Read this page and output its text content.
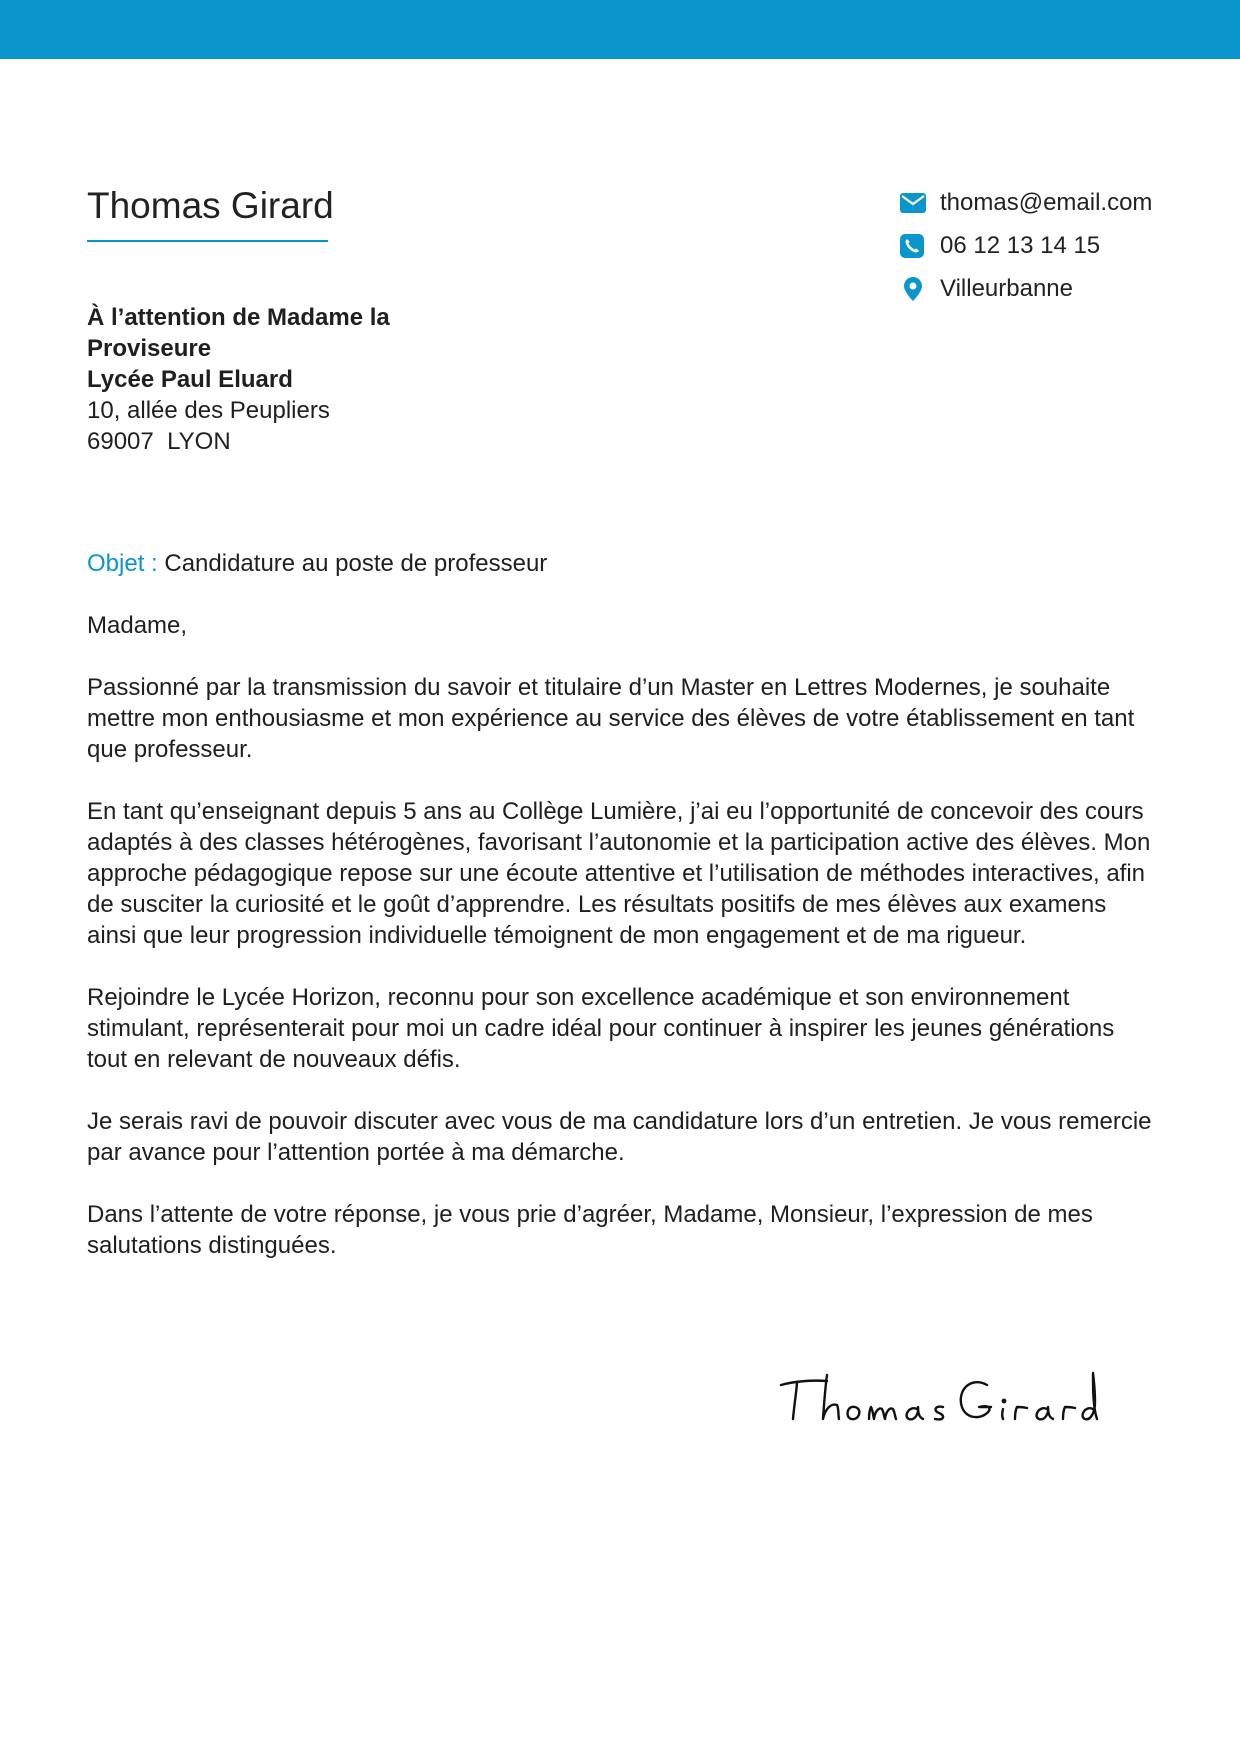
Thomas Girard	thomas@email.com
06 12 13 14 15
Villeurbanne
À l’attention de Madame la Proviseure
Lycée Paul Eluard
10, allée des Peupliers
69007  LYON

Objet : Candidature au poste de professeur

Madame,

Passionné par la transmission du savoir et titulaire d’un Master en Lettres Modernes, je souhaite mettre mon enthousiasme et mon expérience au service des élèves de votre établissement en tant que professeur.

En tant qu’enseignant depuis 5 ans au Collège Lumière, j’ai eu l’opportunité de concevoir des cours adaptés à des classes hétérogènes, favorisant l’autonomie et la participation active des élèves. Mon approche pédagogique repose sur une écoute attentive et l’utilisation de méthodes interactives, afin de susciter la curiosité et le goût d’apprendre. Les résultats positifs de mes élèves aux examens ainsi que leur progression individuelle témoignent de mon engagement et de ma rigueur.

Rejoindre le Lycée Horizon, reconnu pour son excellence académique et son environnement stimulant, représenterait pour moi un cadre idéal pour continuer à inspirer les jeunes générations tout en relevant de nouveaux défis.

Je serais ravi de pouvoir discuter avec vous de ma candidature lors d’un entretien. Je vous remercie par avance pour l’attention portée à ma démarche.

Dans l’attente de votre réponse, je vous prie d’agréer, Madame, Monsieur, l’expression de mes salutations distinguées.
